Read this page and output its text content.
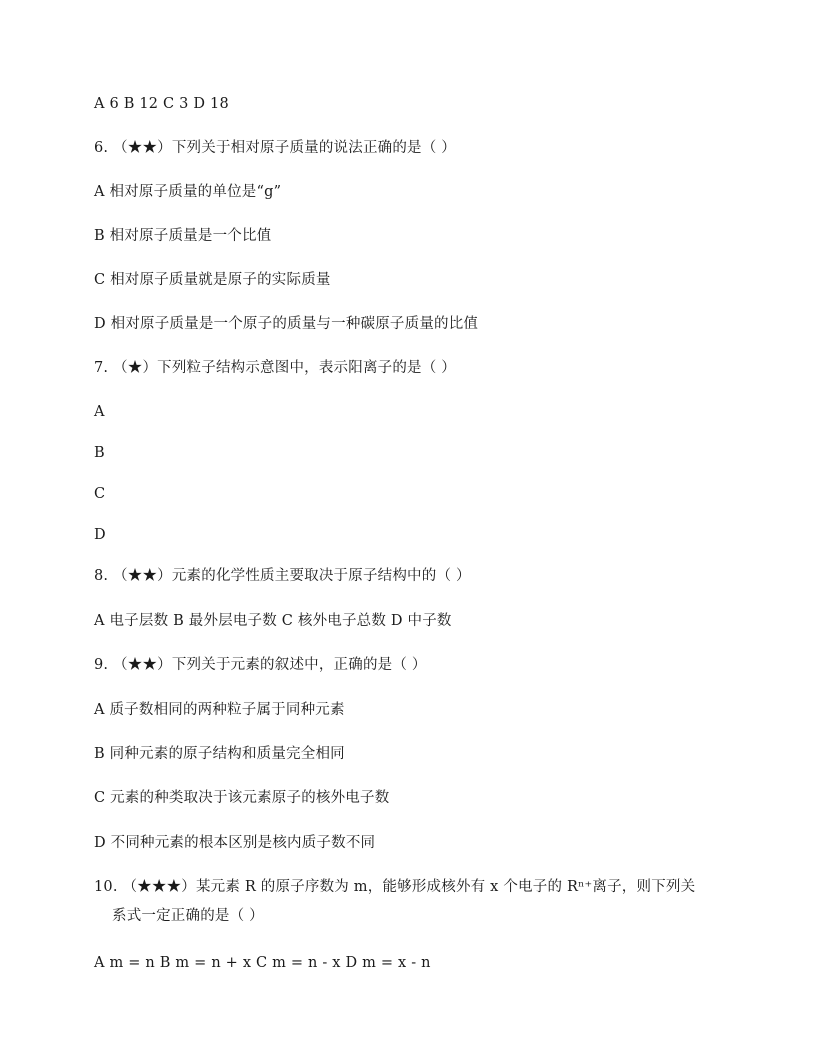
A 6 B 12 C 3 D 18
6. （★★）下列关于相对原子质量的说法正确的是（ ）
A 相对原子质量的单位是“g”
B 相对原子质量是一个比值
C 相对原子质量就是原子的实际质量
D 相对原子质量是一个原子的质量与一种碳原子质量的比值
7. （★）下列粒子结构示意图中，表示阳离子的是（ ）
A
B
C
D
8. （★★）元素的化学性质主要取决于原子结构中的（ ）
A 电子层数 B 最外层电子数 C 核外电子总数 D 中子数
9. （★★）下列关于元素的叙述中，正确的是（ ）
A 质子数相同的两种粒子属于同种元素
B 同种元素的原子结构和质量完全相同
C 元素的种类取决于该元素原子的核外电子数
D 不同种元素的根本区别是核内质子数不同
10. （★★★）某元素 R 的原子序数为 m，能够形成核外有 x 个电子的 Rⁿ⁺离子，则下列关
系式一定正确的是（ ）
A m = n B m = n + x C m = n - x D m = x - n
